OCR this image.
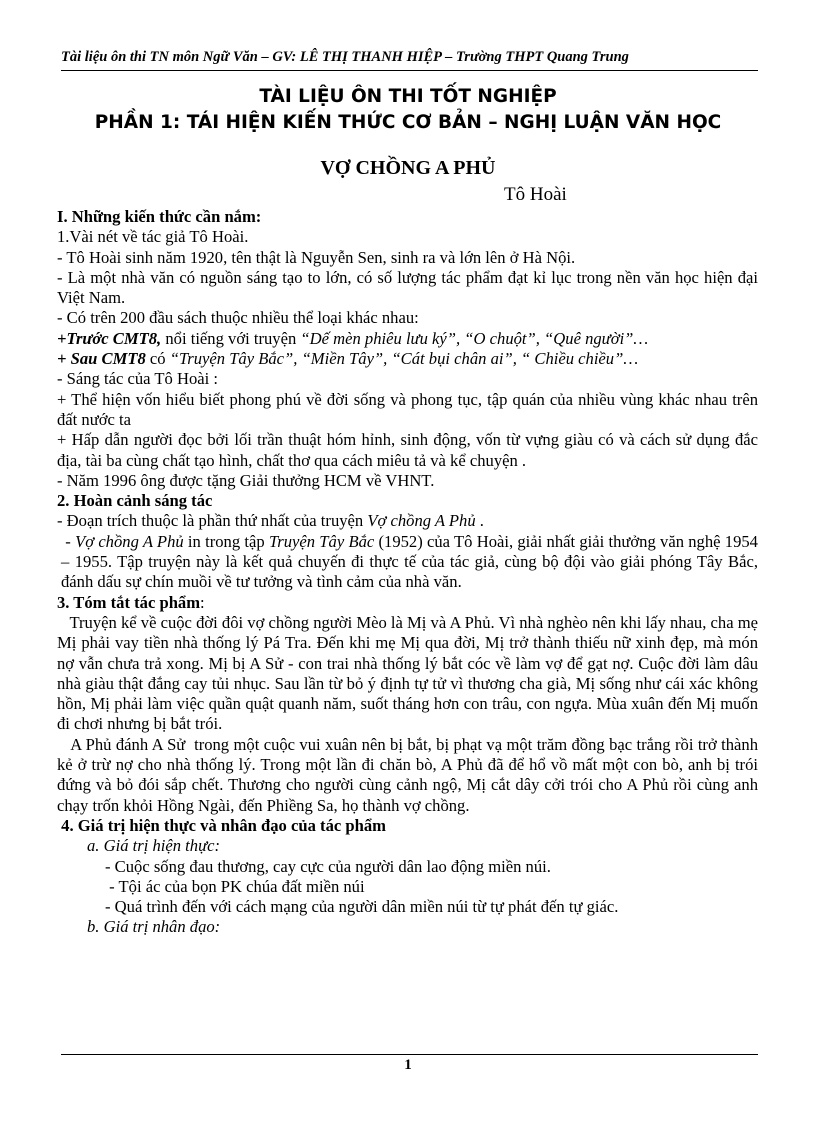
Tài liệu ôn thi TN môn Ngữ Văn – GV: LÊ THỊ THANH HIỆP – Trường THPT Quang Trung
TÀI LIỆU ÔN THI TỐT NGHIỆP
PHẦN 1: TÁI HIỆN KIẾN THỨC CƠ BẢN – NGHỊ LUẬN VĂN HỌC
VỢ CHỒNG A PHỦ
Tô Hoài

I. Những kiến thức cần nắm:

1.Vài nét về tác giả Tô Hoài.

- Tô Hoài sinh năm 1920, tên thật là Nguyễn Sen, sinh ra và lớn lên ở Hà Nội.

- Là một nhà văn có nguồn sáng tạo to lớn, có số lượng tác phẩm đạt kỉ lục trong nền văn học hiện đại Việt Nam.

- Có trên 200 đầu sách thuộc nhiều thể loại khác nhau:

+Trước CMT8, nổi tiếng với truyện “Dế mèn phiêu lưu ký”, “O chuột”, “Quê người”…

+ Sau CMT8 có “Truyện Tây Bắc”, “Miền Tây”, “Cát bụi chân ai”, “ Chiều chiều”…

- Sáng tác của Tô Hoài :

+ Thể hiện vốn hiểu biết phong phú về đời sống và phong tục, tập quán của nhiều vùng khác nhau trên đất nước ta

+ Hấp dẫn người đọc bởi lối trần thuật hóm hỉnh, sinh động, vốn từ vựng giàu có và cách sử dụng đắc địa, tài ba cùng chất tạo hình, chất thơ qua cách miêu tả và kể chuyện .

- Năm 1996 ông được tặng Giải thưởng HCM về VHNT.

2. Hoàn cảnh sáng tác

- Đoạn trích thuộc là phần thứ nhất của truyện Vợ chồng A Phủ .

- Vợ chồng A Phủ in trong tập Truyện Tây Bắc (1952) của Tô Hoài, giải nhất giải thưởng văn nghệ 1954 – 1955. Tập truyện này là kết quả chuyến đi thực tế của tác giả, cùng bộ đội vào giải phóng Tây Bắc, đánh dấu sự chín muồi về tư tưởng và tình cảm của nhà văn.

3. Tóm tắt tác phẩm:

Truyện kể về cuộc đời đôi vợ chồng người Mèo là Mị và A Phủ. Vì nhà nghèo nên khi lấy nhau, cha mẹ Mị phải vay tiền nhà thống lý Pá Tra. Đến khi mẹ Mị qua đời, Mị trở thành thiếu nữ xinh đẹp, mà món nợ vẫn chưa trả xong. Mị bị A Sử - con trai nhà thống lý bắt cóc về làm vợ để gạt nợ. Cuộc đời làm dâu nhà giàu thật đắng cay tủi nhục. Sau lần từ bỏ ý định tự tử vì thương cha già, Mị sống như cái xác không hồn, Mị phải làm việc quần quật quanh năm, suốt tháng hơn con trâu, con ngựa. Mùa xuân đến Mị muốn đi chơi nhưng bị bắt trói.

A Phủ đánh A Sử  trong một cuộc vui xuân nên bị bắt, bị phạt vạ một trăm đồng bạc trắng rồi trở thành kẻ ở trừ nợ cho nhà thống lý. Trong một lần đi chăn bò, A Phủ đã để hổ vồ mất một con bò, anh bị trói đứng và bỏ đói sắp chết. Thương cho người cùng cảnh ngộ, Mị cắt dây cởi trói cho A Phủ rồi cùng anh chạy trốn khỏi Hồng Ngài, đến Phiềng Sa, họ thành vợ chồng.

4. Giá trị hiện thực và nhân đạo của tác phẩm

a. Giá trị hiện thực:

- Cuộc sống đau thương, cay cực của người dân lao động miền núi.

- Tội ác của bọn PK chúa đất miền núi

- Quá trình đến với cách mạng của người dân miền núi từ tự phát đến tự giác.

b. Giá trị nhân đạo:

1
